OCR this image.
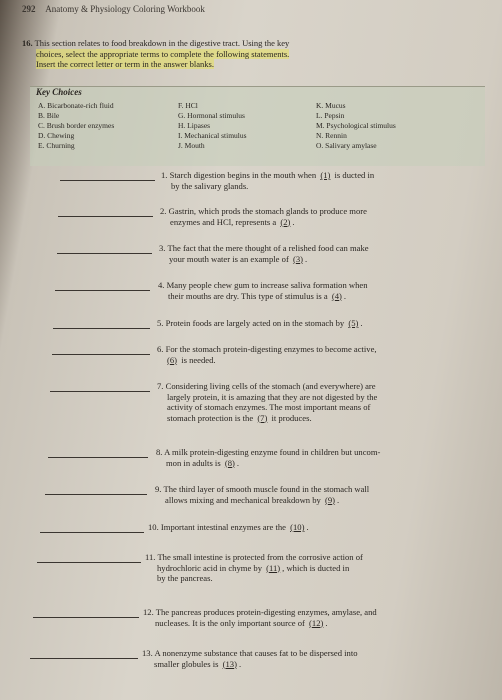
292 Anatomy & Physiology Coloring Workbook
16. This section relates to food breakdown in the digestive tract. Using the key
choices, select the appropriate terms to complete the following statements.
Insert the correct letter or term in the answer blanks.
Key Choices
A. Bicarbonate-rich fluid
B. Bile
C. Brush border enzymes
D. Chewing
E. Churning
F. HCl
G. Hormonal stimulus
H. Lipases
I. Mechanical stimulus
J. Mouth
K. Mucus
L. Pepsin
M. Psychological stimulus
N. Rennin
O. Salivary amylase
1. Starch digestion begins in the mouth when (1) is ducted in
by the salivary glands.
2. Gastrin, which prods the stomach glands to produce more
enzymes and HCl, represents a (2) .
3. The fact that the mere thought of a relished food can make
your mouth water is an example of (3) .
4. Many people chew gum to increase saliva formation when
their mouths are dry. This type of stimulus is a (4) .
5. Protein foods are largely acted on in the stomach by (5) .
6. For the stomach protein-digesting enzymes to become active,
(6) is needed.
7. Considering living cells of the stomach (and everywhere) are
largely protein, it is amazing that they are not digested by the
activity of stomach enzymes. The most important means of
stomach protection is the (7) it produces.
8. A milk protein-digesting enzyme found in children but uncom-
mon in adults is (8) .
9. The third layer of smooth muscle found in the stomach wall
allows mixing and mechanical breakdown by (9) .
10. Important intestinal enzymes are the (10) .
11. The small intestine is protected from the corrosive action of
hydrochloric acid in chyme by (11) , which is ducted in
by the pancreas.
12. The pancreas produces protein-digesting enzymes, amylase, and
nucleases. It is the only important source of (12) .
13. A nonenzyme substance that causes fat to be dispersed into
smaller globules is (13) .
